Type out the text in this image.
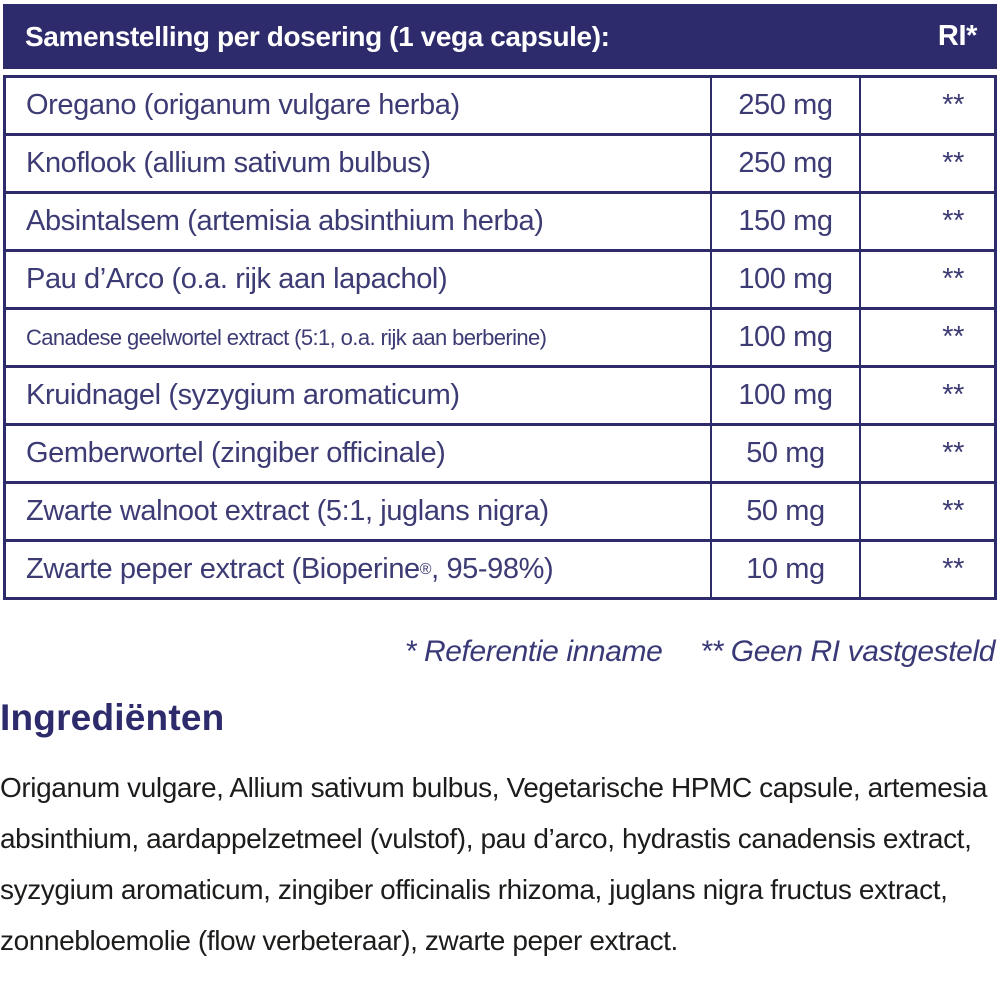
Samenstelling per dosering (1 vega capsule):	RI*
Oregano (origanum vulgare herba)	250 mg	**
Knoflook (allium sativum bulbus)	250 mg	**
Absintalsem (artemisia absinthium herba)	150 mg	**
Pau d’Arco (o.a. rijk aan lapachol)	100 mg	**
Canadese geelwortel extract (5:1, o.a. rijk aan berberine)	100 mg	**
Kruidnagel (syzygium aromaticum)	100 mg	**
Gemberwortel (zingiber officinale)	50 mg	**
Zwarte walnoot extract (5:1, juglans nigra)	50 mg	**
Zwarte peper extract (Bioperine ® , 95-98%)	10 mg	**
* Referentie inname ** Geen RI vastgesteld
Ingrediënten

Origanum vulgare, Allium sativum bulbus, Vegetarische HPMC capsule, artemesia absinthium, aardappelzetmeel (vulstof), pau d’arco, hydrastis canadensis extract, syzygium aromaticum, zingiber officinalis rhizoma, juglans nigra fructus extract, zonnebloemolie (flow verbeteraar), zwarte peper extract.
